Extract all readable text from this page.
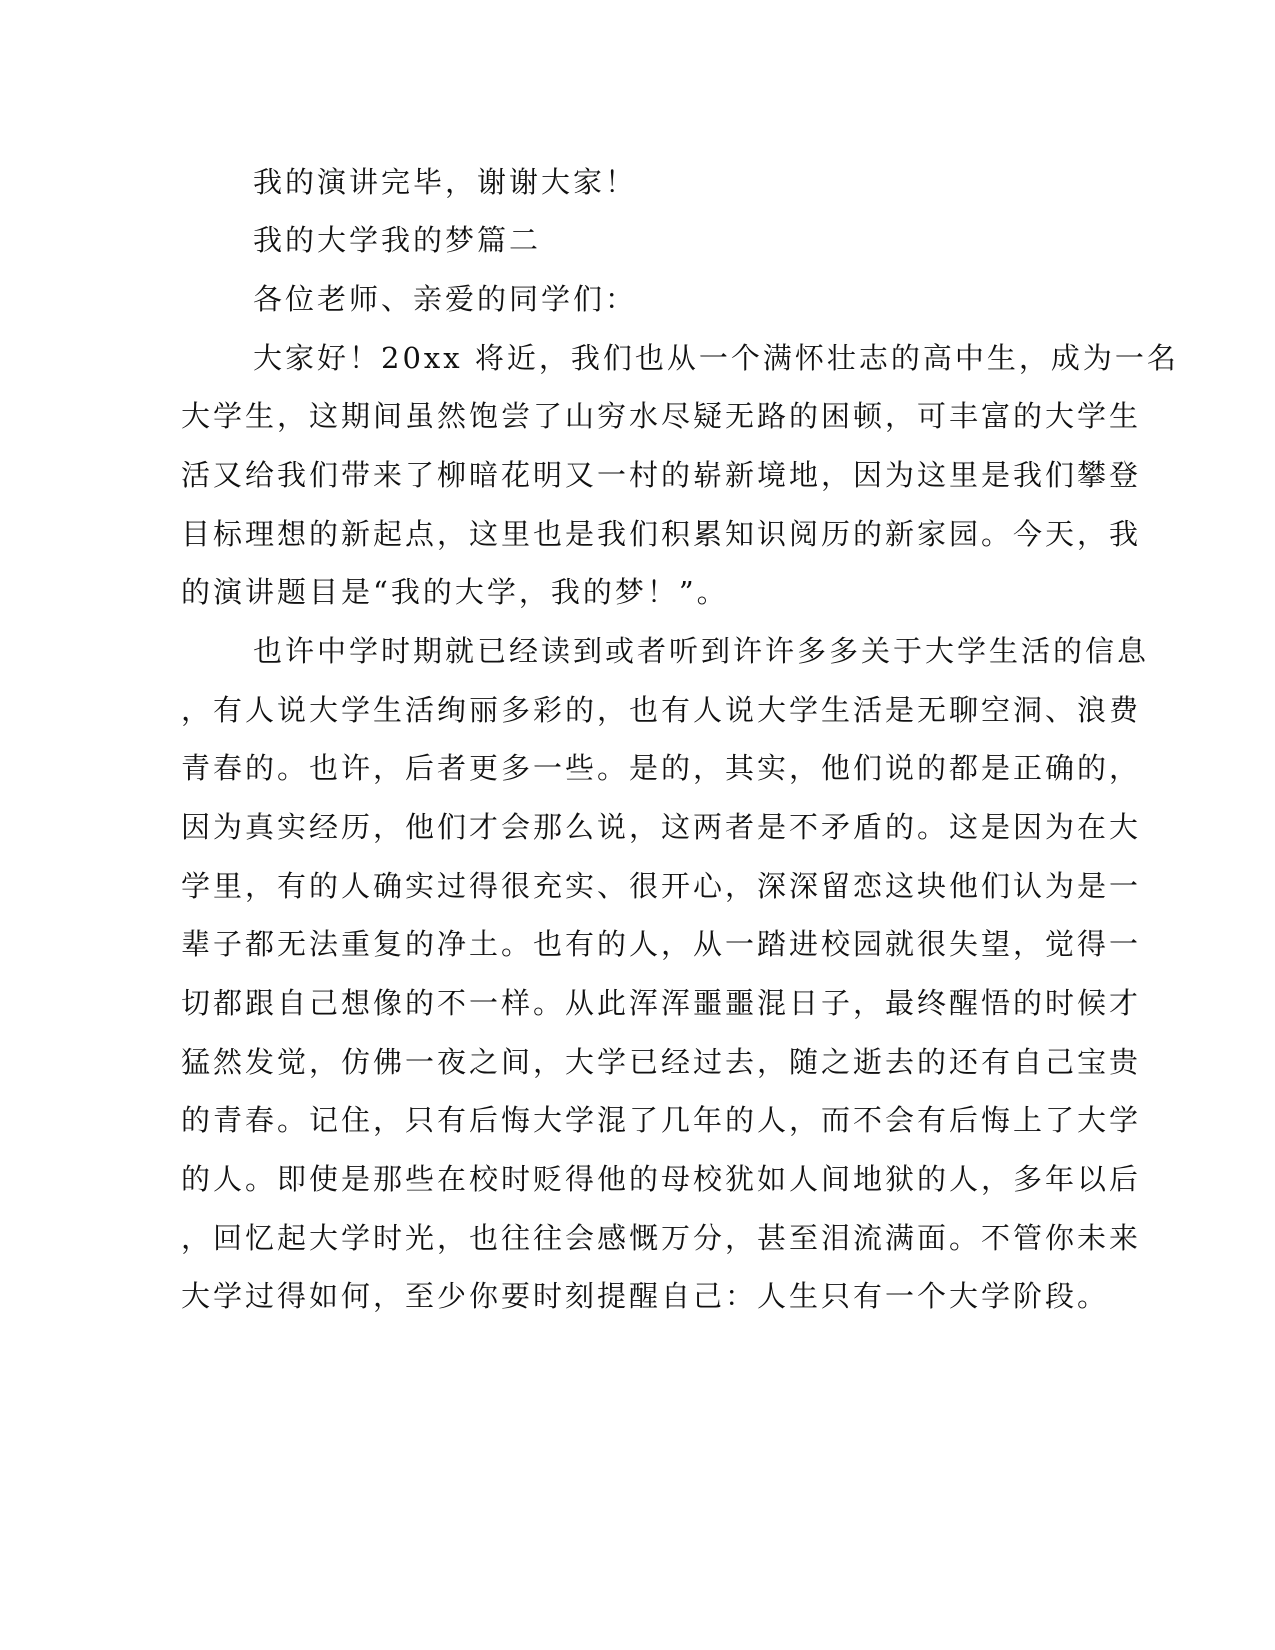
我的演讲完毕，谢谢大家！
我的大学我的梦篇二
各位老师、亲爱的同学们：
大家好！20xx 将近，我们也从一个满怀壮志的高中生，成为一名
大学生，这期间虽然饱尝了山穷水尽疑无路的困顿，可丰富的大学生
活又给我们带来了柳暗花明又一村的崭新境地，因为这里是我们攀登
目标理想的新起点，这里也是我们积累知识阅历的新家园。今天，我
的演讲题目是“我的大学，我的梦！”。
也许中学时期就已经读到或者听到许许多多关于大学生活的信息
，有人说大学生活绚丽多彩的，也有人说大学生活是无聊空洞、浪费
青春的。也许，后者更多一些。是的，其实，他们说的都是正确的，
因为真实经历，他们才会那么说，这两者是不矛盾的。这是因为在大
学里，有的人确实过得很充实、很开心，深深留恋这块他们认为是一
辈子都无法重复的净土。也有的人，从一踏进校园就很失望，觉得一
切都跟自己想像的不一样。从此浑浑噩噩混日子，最终醒悟的时候才
猛然发觉，仿佛一夜之间，大学已经过去，随之逝去的还有自己宝贵
的青春。记住，只有后悔大学混了几年的人，而不会有后悔上了大学
的人。即使是那些在校时贬得他的母校犹如人间地狱的人，多年以后
，回忆起大学时光，也往往会感慨万分，甚至泪流满面。不管你未来
大学过得如何，至少你要时刻提醒自己：人生只有一个大学阶段。
